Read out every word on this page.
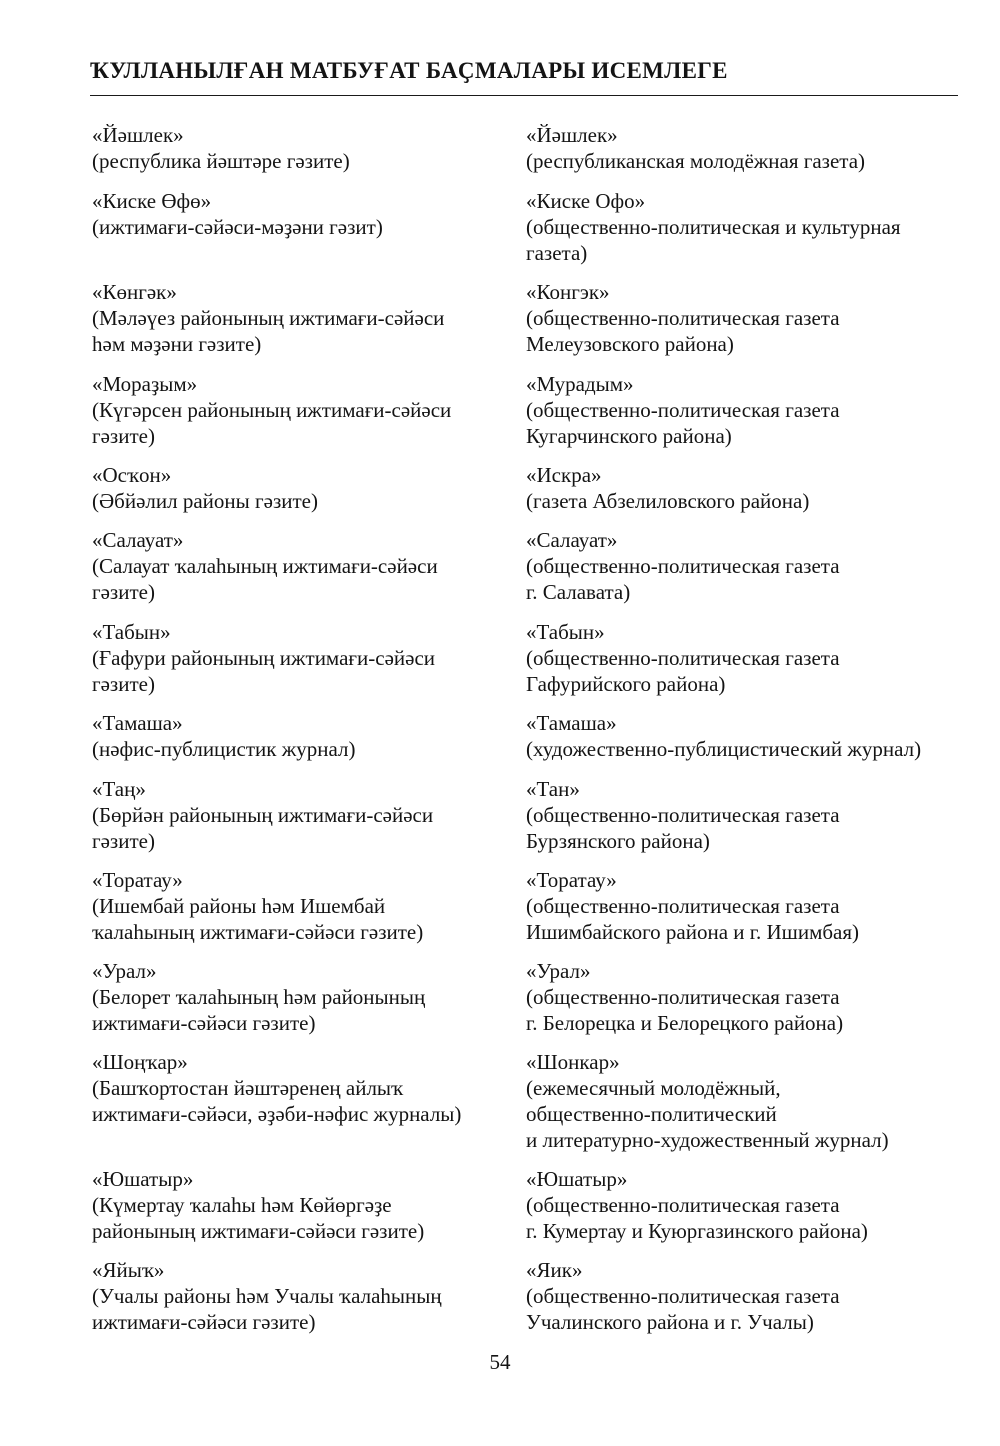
ҠУЛЛАНЫЛҒАН МАТБУҒАТ БАҪМАЛАРЫ ИСЕМЛЕГЕ
«Йәшлек»
(республика йәштәре гәзите)
«Йәшлек»
(республиканская молодёжная газета)
«Киске Өфө»
(ижтимағи-сәйәси-мәҙәни гәзит)
«Киске Офо»
(общественно-политическая и культурная
газета)
«Көнгәк»
(Мәләүез районының ижтимағи-сәйәси
һәм мәҙәни гәзите)
«Конгэк»
(общественно-политическая газета
Мелеузовского района)
«Мораҙым»
(Күгәрсен районының ижтимағи-сәйәси
гәзите)
«Мурадым»
(общественно-политическая газета
Кугарчинского района)
«Осҡон»
(Әбйәлил районы гәзите)
«Искра»
(газета Абзелиловского района)
«Салауат»
(Салауат ҡалаһының ижтимағи-сәйәси
гәзите)
«Салауат»
(общественно-политическая газета
г. Салавата)
«Табын»
(Ғафури районының ижтимағи-сәйәси
гәзите)
«Табын»
(общественно-политическая газета
Гафурийского района)
«Тамаша»
(нәфис-публицистик журнал)
«Тамаша»
(художественно-публицистический журнал)
«Таң»
(Бөрйән районының ижтимағи-сәйәси
гәзите)
«Тан»
(общественно-политическая газета
Бурзянского района)
«Торатау»
(Ишембай районы һәм Ишембай
ҡалаһының ижтимағи-сәйәси гәзите)
«Торатау»
(общественно-политическая газета
Ишимбайского района и г. Ишимбая)
«Урал»
(Белорет ҡалаһының һәм районының
ижтимағи-сәйәси гәзите)
«Урал»
(общественно-политическая газета
г. Белорецка и Белорецкого района)
«Шоңҡар»
(Башҡортостан йәштәренең айлыҡ
ижтимағи-сәйәси, әҙәби-нәфис журналы)
«Шонкар»
(ежемесячный молодёжный,
общественно-политический
и литературно-художественный журнал)
«Юшатыр»
(Күмертау ҡалаһы һәм Көйөргәҙе
районының ижтимағи-сәйәси гәзите)
«Юшатыр»
(общественно-политическая газета
г. Кумертау и Куюргазинского района)
«Яйыҡ»
(Учалы районы һәм Учалы ҡалаһының
ижтимағи-сәйәси гәзите)
«Яик»
(общественно-политическая газета
Учалинского района и г. Учалы)
54
